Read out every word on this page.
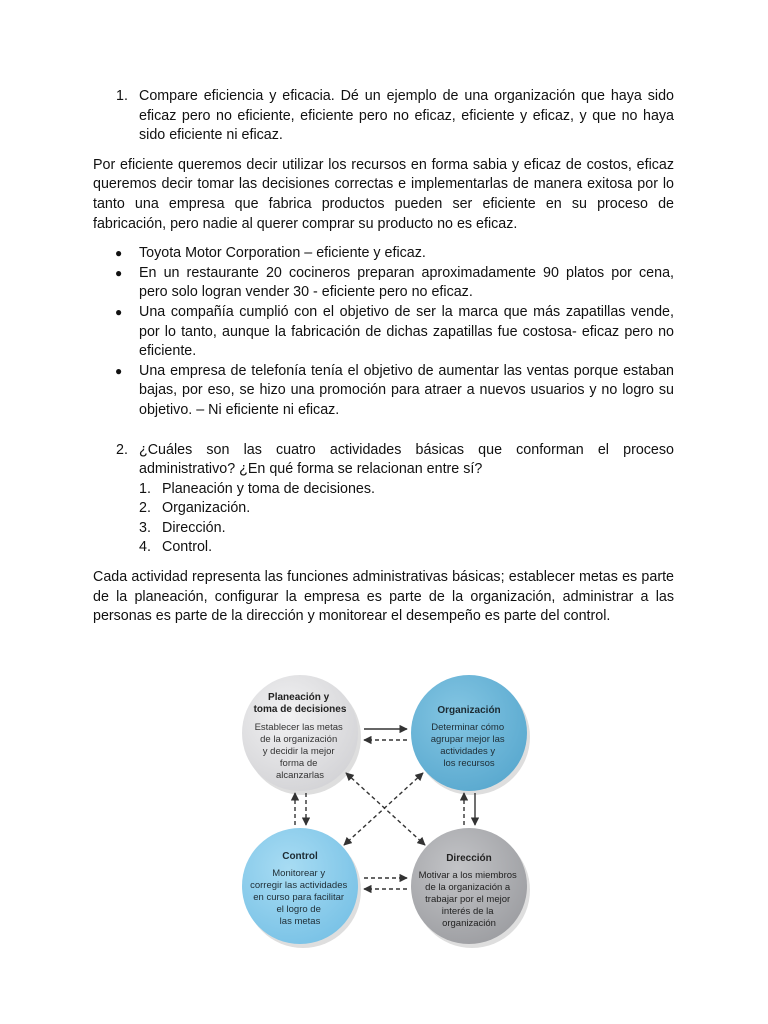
1. Compare eficiencia y eficacia. Dé un ejemplo de una organización que haya sido eficaz pero no eficiente, eficiente pero no eficaz, eficiente y eficaz, y que no haya sido eficiente ni eficaz.

Por eficiente queremos decir utilizar los recursos en forma sabia y eficaz de costos, eficaz queremos decir tomar las decisiones correctas e implementarlas de manera exitosa por lo tanto una empresa que fabrica productos pueden ser eficiente en su proceso de fabricación, pero nadie al querer comprar su producto no es eficaz.

●	Toyota Motor Corporation – eficiente y eficaz.
●	En un restaurante 20 cocineros preparan aproximadamente 90 platos por cena, pero solo logran vender 30 - eficiente pero no eficaz.
●	Una compañía cumplió con el objetivo de ser la marca que más zapatillas vende, por lo tanto, aunque la fabricación de dichas zapatillas fue costosa- eficaz pero no eficiente.
●	Una empresa de telefonía tenía el objetivo de aumentar las ventas porque estaban bajas, por eso, se hizo una promoción para atraer a nuevos usuarios y no logro su objetivo. – Ni eficiente ni eficaz.
2. ¿Cuáles son las cuatro actividades básicas que conforman el proceso administrativo? ¿En qué forma se relacionan entre sí?
1. Planeación y toma de decisiones.
2. Organización.
3. Dirección.
4. Control.

Cada actividad representa las funciones administrativas básicas; establecer metas es parte de la planeación, configurar la empresa es parte de la organización, administrar a las personas es parte de la dirección y monitorear el desempeño es parte del control.

Planeación y toma de decisiones
Establecer las metas de la organización y decidir la mejor forma de alcanzarlas
Organización
Determinar cómo agrupar mejor las actividades y los recursos
Control
Monitorear y corregir las actividades en curso para facilitar el logro de las metas
Dirección
Motivar a los miembros de la organización a trabajar por el mejor interés de la organización
